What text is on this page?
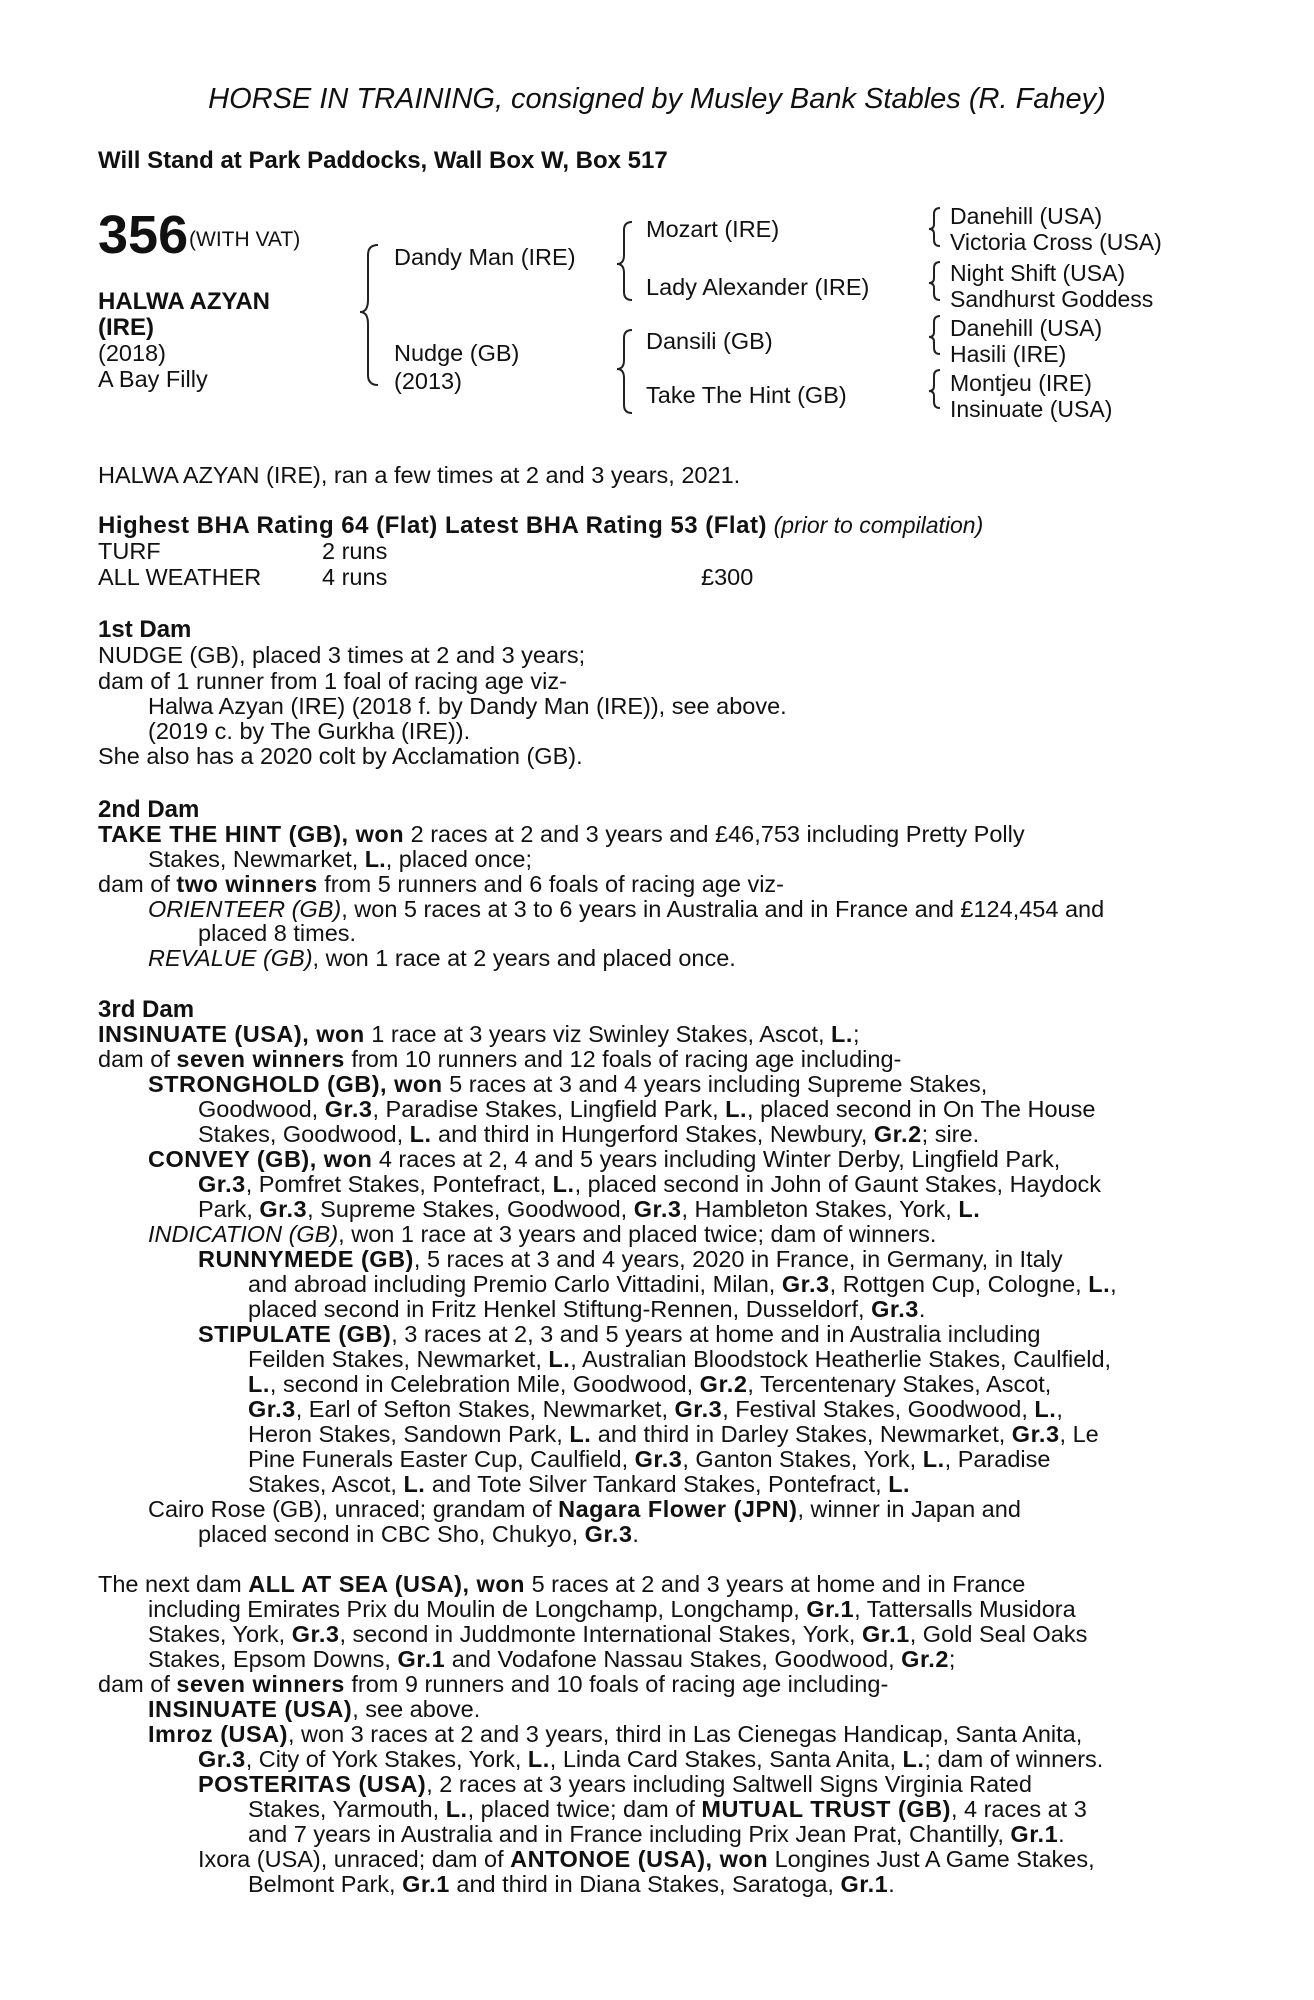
HORSE IN TRAINING, consigned by Musley Bank Stables (R. Fahey)
Will Stand at Park Paddocks, Wall Box W, Box 517
356 (WITH VAT)
HALWA AZYAN
(IRE)
(2018)
A Bay Filly
Dandy Man (IRE)
Nudge (GB)
(2013)
Mozart (IRE)
Lady Alexander (IRE)
Dansili (GB)
Take The Hint (GB)
Danehill (USA)
Victoria Cross (USA)
Night Shift (USA)
Sandhurst Goddess
Danehill (USA)
Hasili (IRE)
Montjeu (IRE)
Insinuate (USA)
HALWA AZYAN (IRE), ran a few times at 2 and 3 years, 2021.
Highest BHA Rating 64 (Flat) Latest BHA Rating 53 (Flat) (prior to compilation)
TURF	2 runs
ALL WEATHER	4 runs	£300
1st Dam
NUDGE (GB), placed 3 times at 2 and 3 years;
dam of 1 runner from 1 foal of racing age viz-
Halwa Azyan (IRE) (2018 f. by Dandy Man (IRE)), see above.
(2019 c. by The Gurkha (IRE)).
She also has a 2020 colt by Acclamation (GB).
2nd Dam
TAKE THE HINT (GB), won 2 races at 2 and 3 years and £46,753 including Pretty Polly
Stakes, Newmarket, L., placed once;
dam of two winners from 5 runners and 6 foals of racing age viz-
ORIENTEER (GB), won 5 races at 3 to 6 years in Australia and in France and £124,454 and
placed 8 times.
REVALUE (GB), won 1 race at 2 years and placed once.
3rd Dam
INSINUATE (USA), won 1 race at 3 years viz Swinley Stakes, Ascot, L.;
dam of seven winners from 10 runners and 12 foals of racing age including-
STRONGHOLD (GB), won 5 races at 3 and 4 years including Supreme Stakes,
Goodwood, Gr.3, Paradise Stakes, Lingfield Park, L., placed second in On The House
Stakes, Goodwood, L. and third in Hungerford Stakes, Newbury, Gr.2; sire.
CONVEY (GB), won 4 races at 2, 4 and 5 years including Winter Derby, Lingfield Park,
Gr.3, Pomfret Stakes, Pontefract, L., placed second in John of Gaunt Stakes, Haydock
Park, Gr.3, Supreme Stakes, Goodwood, Gr.3, Hambleton Stakes, York, L.
INDICATION (GB), won 1 race at 3 years and placed twice; dam of winners.
RUNNYMEDE (GB), 5 races at 3 and 4 years, 2020 in France, in Germany, in Italy
and abroad including Premio Carlo Vittadini, Milan, Gr.3, Rottgen Cup, Cologne, L.,
placed second in Fritz Henkel Stiftung-Rennen, Dusseldorf, Gr.3.
STIPULATE (GB), 3 races at 2, 3 and 5 years at home and in Australia including
Feilden Stakes, Newmarket, L., Australian Bloodstock Heatherlie Stakes, Caulfield,
L., second in Celebration Mile, Goodwood, Gr.2, Tercentenary Stakes, Ascot,
Gr.3, Earl of Sefton Stakes, Newmarket, Gr.3, Festival Stakes, Goodwood, L.,
Heron Stakes, Sandown Park, L. and third in Darley Stakes, Newmarket, Gr.3, Le
Pine Funerals Easter Cup, Caulfield, Gr.3, Ganton Stakes, York, L., Paradise
Stakes, Ascot, L. and Tote Silver Tankard Stakes, Pontefract, L.
Cairo Rose (GB), unraced; grandam of Nagara Flower (JPN), winner in Japan and
placed second in CBC Sho, Chukyo, Gr.3.
The next dam ALL AT SEA (USA), won 5 races at 2 and 3 years at home and in France
including Emirates Prix du Moulin de Longchamp, Longchamp, Gr.1, Tattersalls Musidora
Stakes, York, Gr.3, second in Juddmonte International Stakes, York, Gr.1, Gold Seal Oaks
Stakes, Epsom Downs, Gr.1 and Vodafone Nassau Stakes, Goodwood, Gr.2;
dam of seven winners from 9 runners and 10 foals of racing age including-
INSINUATE (USA), see above.
Imroz (USA), won 3 races at 2 and 3 years, third in Las Cienegas Handicap, Santa Anita,
Gr.3, City of York Stakes, York, L., Linda Card Stakes, Santa Anita, L.; dam of winners.
POSTERITAS (USA), 2 races at 3 years including Saltwell Signs Virginia Rated
Stakes, Yarmouth, L., placed twice; dam of MUTUAL TRUST (GB), 4 races at 3
and 7 years in Australia and in France including Prix Jean Prat, Chantilly, Gr.1.
Ixora (USA), unraced; dam of ANTONOE (USA), won Longines Just A Game Stakes,
Belmont Park, Gr.1 and third in Diana Stakes, Saratoga, Gr.1.
